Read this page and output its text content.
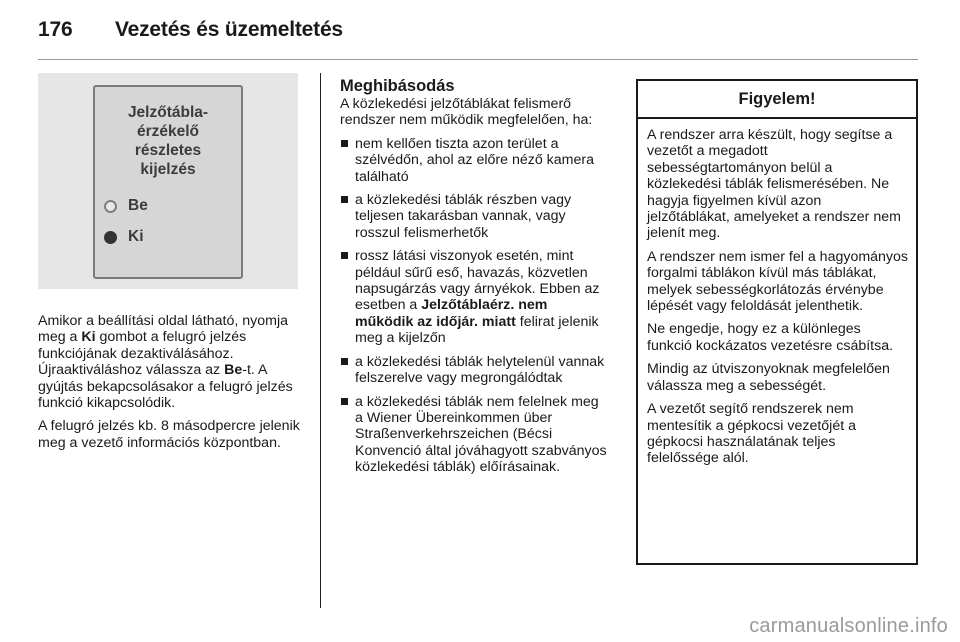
176 Vezetés és üzemeltetés
Jelzőtábla-
érzékelő
részletes
kijelzés
Be
Ki

Amikor a beállítási oldal látható, nyomja meg a Ki gombot a felugró jelzés funkciójának dezaktiválásához. Újraaktiváláshoz válassza az Be-t. A gyújtás bekapcsolásakor a felugró jelzés funkció kikapcsolódik.

A felugró jelzés kb. 8 másodpercre jelenik meg a vezető információs központban.

Meghibásodás

A közlekedési jelzőtáblákat felismerő rendszer nem működik megfelelően, ha:

nem kellően tiszta azon terület a szélvédőn, ahol az előre néző kamera található
a közlekedési táblák részben vagy teljesen takarásban vannak, vagy rosszul felismerhetők
rossz látási viszonyok esetén, mint például sűrű eső, havazás, közvetlen napsugárzás vagy árnyékok. Ebben az esetben a Jelzőtáblaérz. nem működik az időjár. miatt felirat jelenik meg a kijelzőn
a közlekedési táblák helytelenül vannak felszerelve vagy megrongálódtak
a közlekedési táblák nem felelnek meg a Wiener Übereinkommen über Straßenverkehrszeichen (Bécsi Konvenció által jóváhagyott szabványos közlekedési táblák) előírásainak.
Figyelem!

A rendszer arra készült, hogy segítse a vezetőt a megadott sebességtartományon belül a közlekedési táblák felismerésében. Ne hagyja figyelmen kívül azon jelzőtáblákat, amelyeket a rendszer nem jelenít meg.

A rendszer nem ismer fel a hagyományos forgalmi táblákon kívül más táblákat, melyek sebességkorlátozás érvénybe lépését vagy feloldását jelenthetik.

Ne engedje, hogy ez a különleges funkció kockázatos vezetésre csábítsa.

Mindig az útviszonyoknak megfelelően válassza meg a sebességét.

A vezetőt segítő rendszerek nem mentesítik a gépkocsi vezetőjét a gépkocsi használatának teljes felelőssége alól.

carmanualsonline.info
